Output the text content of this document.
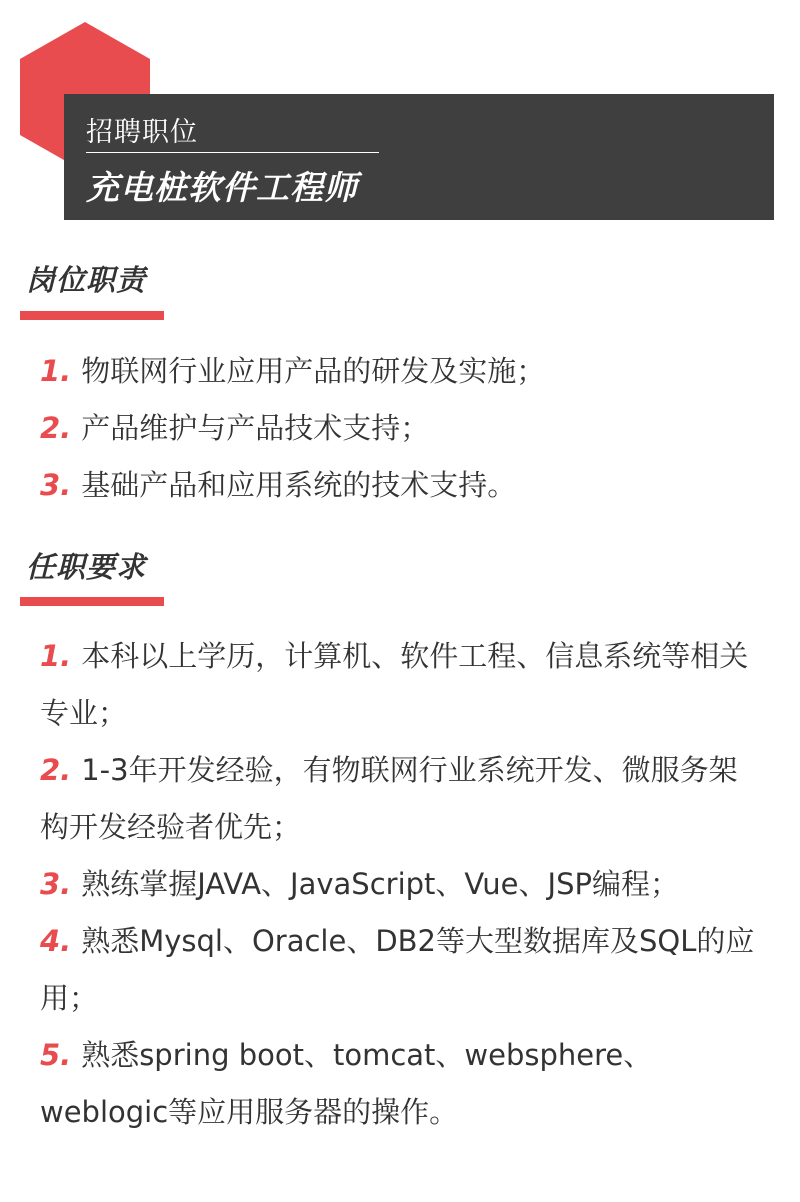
招聘职位
充电桩软件工程师
岗位职责
1. 物联网行业应用产品的研发及实施；
2. 产品维护与产品技术支持；
3. 基础产品和应用系统的技术支持。
任职要求
1. 本科以上学历，计算机、软件工程、信息系统等相关专业；
2. 1-3年开发经验，有物联网行业系统开发、微服务架构开发经验者优先；
3. 熟练掌握JAVA、JavaScript、Vue、JSP编程；
4. 熟悉Mysql、Oracle、DB2等大型数据库及SQL的应用；
5. 熟悉spring boot、tomcat、websphere、weblogic等应用服务器的操作。
